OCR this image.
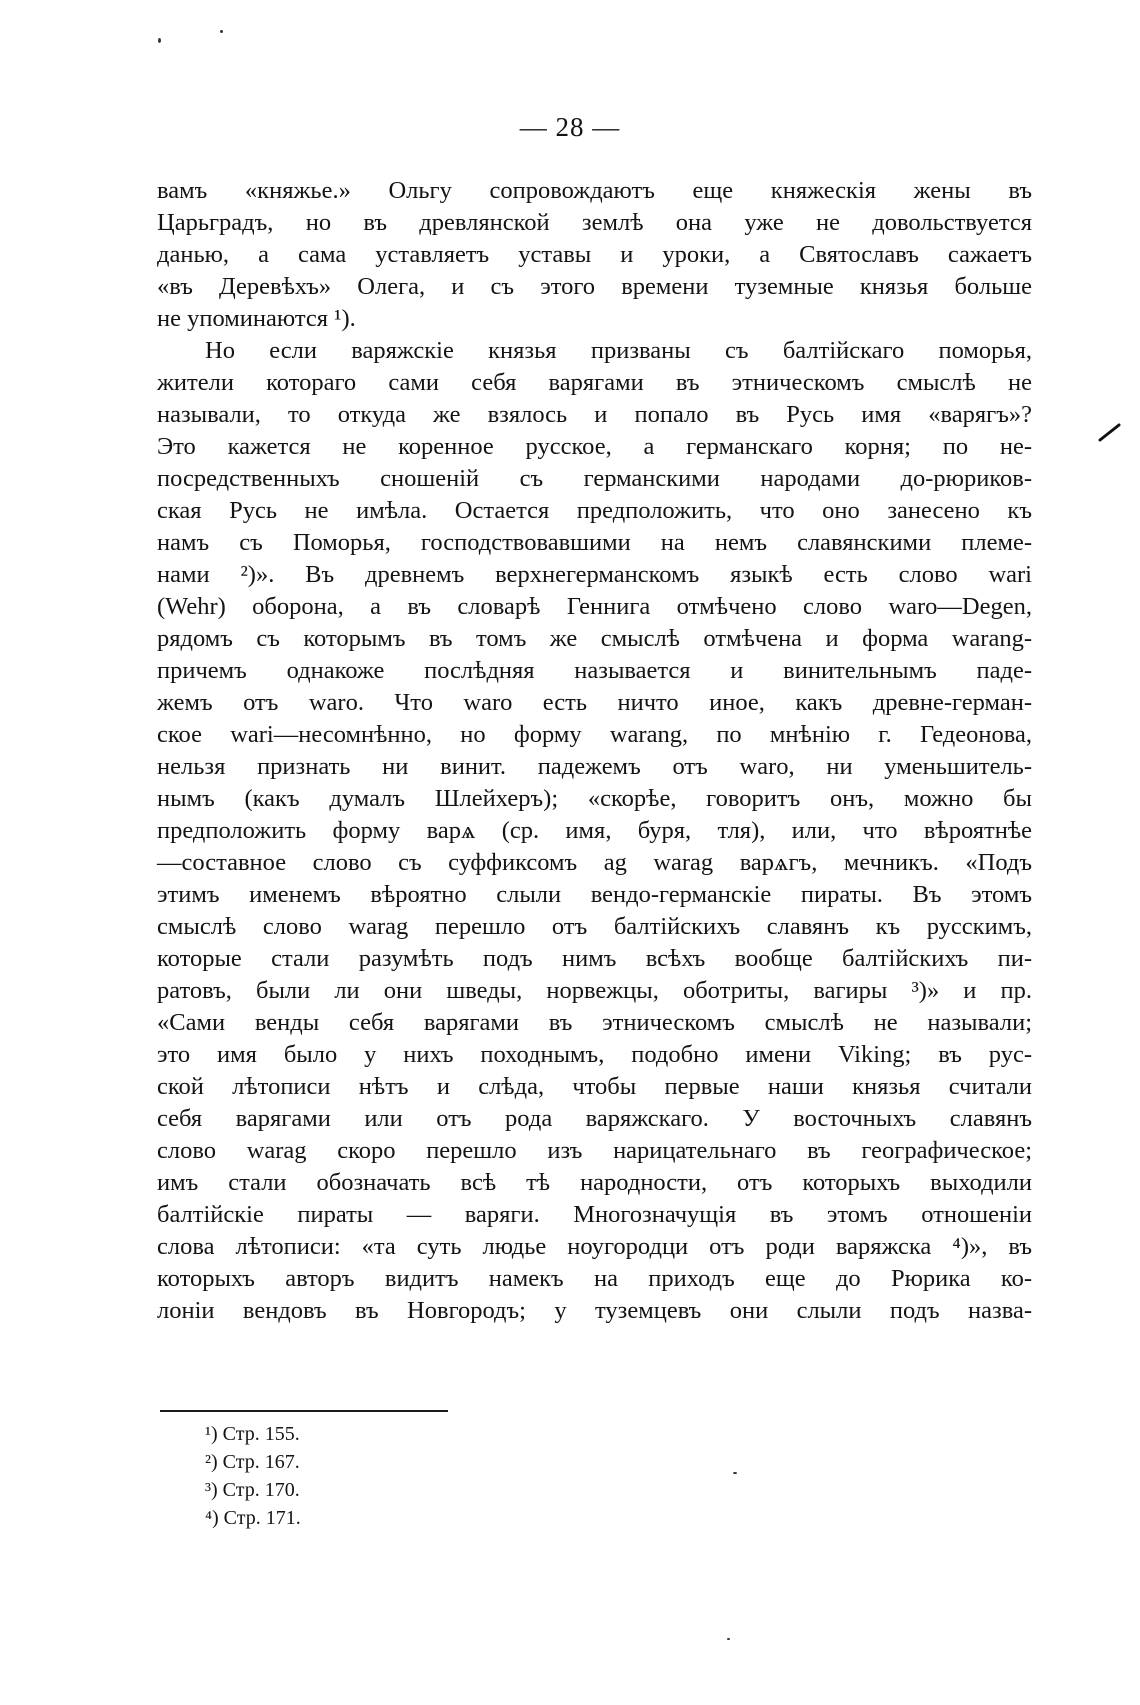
— 28 —
вамъ «княжье.» Ольгу сопровождаютъ еще княжескія жены въ
Царьградъ, но въ древлянской землѣ она уже не довольствуется
данью, а сама уставляетъ уставы и уроки, а Святославъ сажаетъ
«въ Деревѣхъ» Олега, и съ этого времени туземные князья больше
не упоминаются ¹).
Но если варяжскіе князья призваны съ балтійскаго поморья,
жители котораго сами себя варягами въ этническомъ смыслѣ не
называли, то откуда же взялось и попало въ Русь имя «варягъ»?
Это кажется не коренное русское, а германскаго корня; по не-
посредственныхъ сношеній съ германскими народами до-рюриков-
ская Русь не имѣла. Остается предположить, что оно занесено къ
намъ съ Поморья, господствовавшими на немъ славянскими племе-
нами ²)». Въ древнемъ верхнегерманскомъ языкѣ есть слово wari
(Wehr) оборона, а въ словарѣ Геннига отмѣчено слово waro—Degen,
рядомъ съ которымъ въ томъ же смыслѣ отмѣчена и форма warang-
причемъ однакоже послѣдняя называется и винительнымъ паде-
жемъ отъ waro. Что waro есть ничто иное, какъ древне-герман-
ское wari—несомнѣнно, но форму warang, по мнѣнію г. Гедеонова,
нельзя признать ни винит. падежемъ отъ waro, ни уменьшитель-
нымъ (какъ думалъ Шлейхеръ); «скорѣе, говоритъ онъ, можно бы
предположить форму варѧ (ср. имя, буря, тля), или, что вѣроятнѣе
—составное слово съ суффиксомъ ag warag варѧгъ, мечникъ. «Подъ
этимъ именемъ вѣроятно слыли вендо-германскіе пираты. Въ этомъ
смыслѣ слово warag перешло отъ балтійскихъ славянъ къ русскимъ,
которые стали разумѣть подъ нимъ всѣхъ вообще балтійскихъ пи-
ратовъ, были ли они шведы, норвежцы, оботриты, вагиры ³)» и пр.
«Сами венды себя варягами въ этническомъ смыслѣ не называли;
это имя было у нихъ походнымъ, подобно имени Viking; въ рус-
ской лѣтописи нѣтъ и слѣда, чтобы первые наши князья считали
себя варягами или отъ рода варяжскаго. У восточныхъ славянъ
слово warag скоро перешло изъ нарицательнаго въ географическое;
имъ стали обозначать всѣ тѣ народности, отъ которыхъ выходили
балтійскіе пираты — варяги. Многозначущія въ этомъ отношеніи
слова лѣтописи: «та суть людье ноугородци отъ роди варяжска ⁴)», въ
которыхъ авторъ видитъ намекъ на приходъ еще до Рюрика ко-
лоніи вендовъ въ Новгородъ; у туземцевъ они слыли подъ назва-
¹) Стр. 155.
²) Стр. 167.
³) Стр. 170.
⁴) Стр. 171.
